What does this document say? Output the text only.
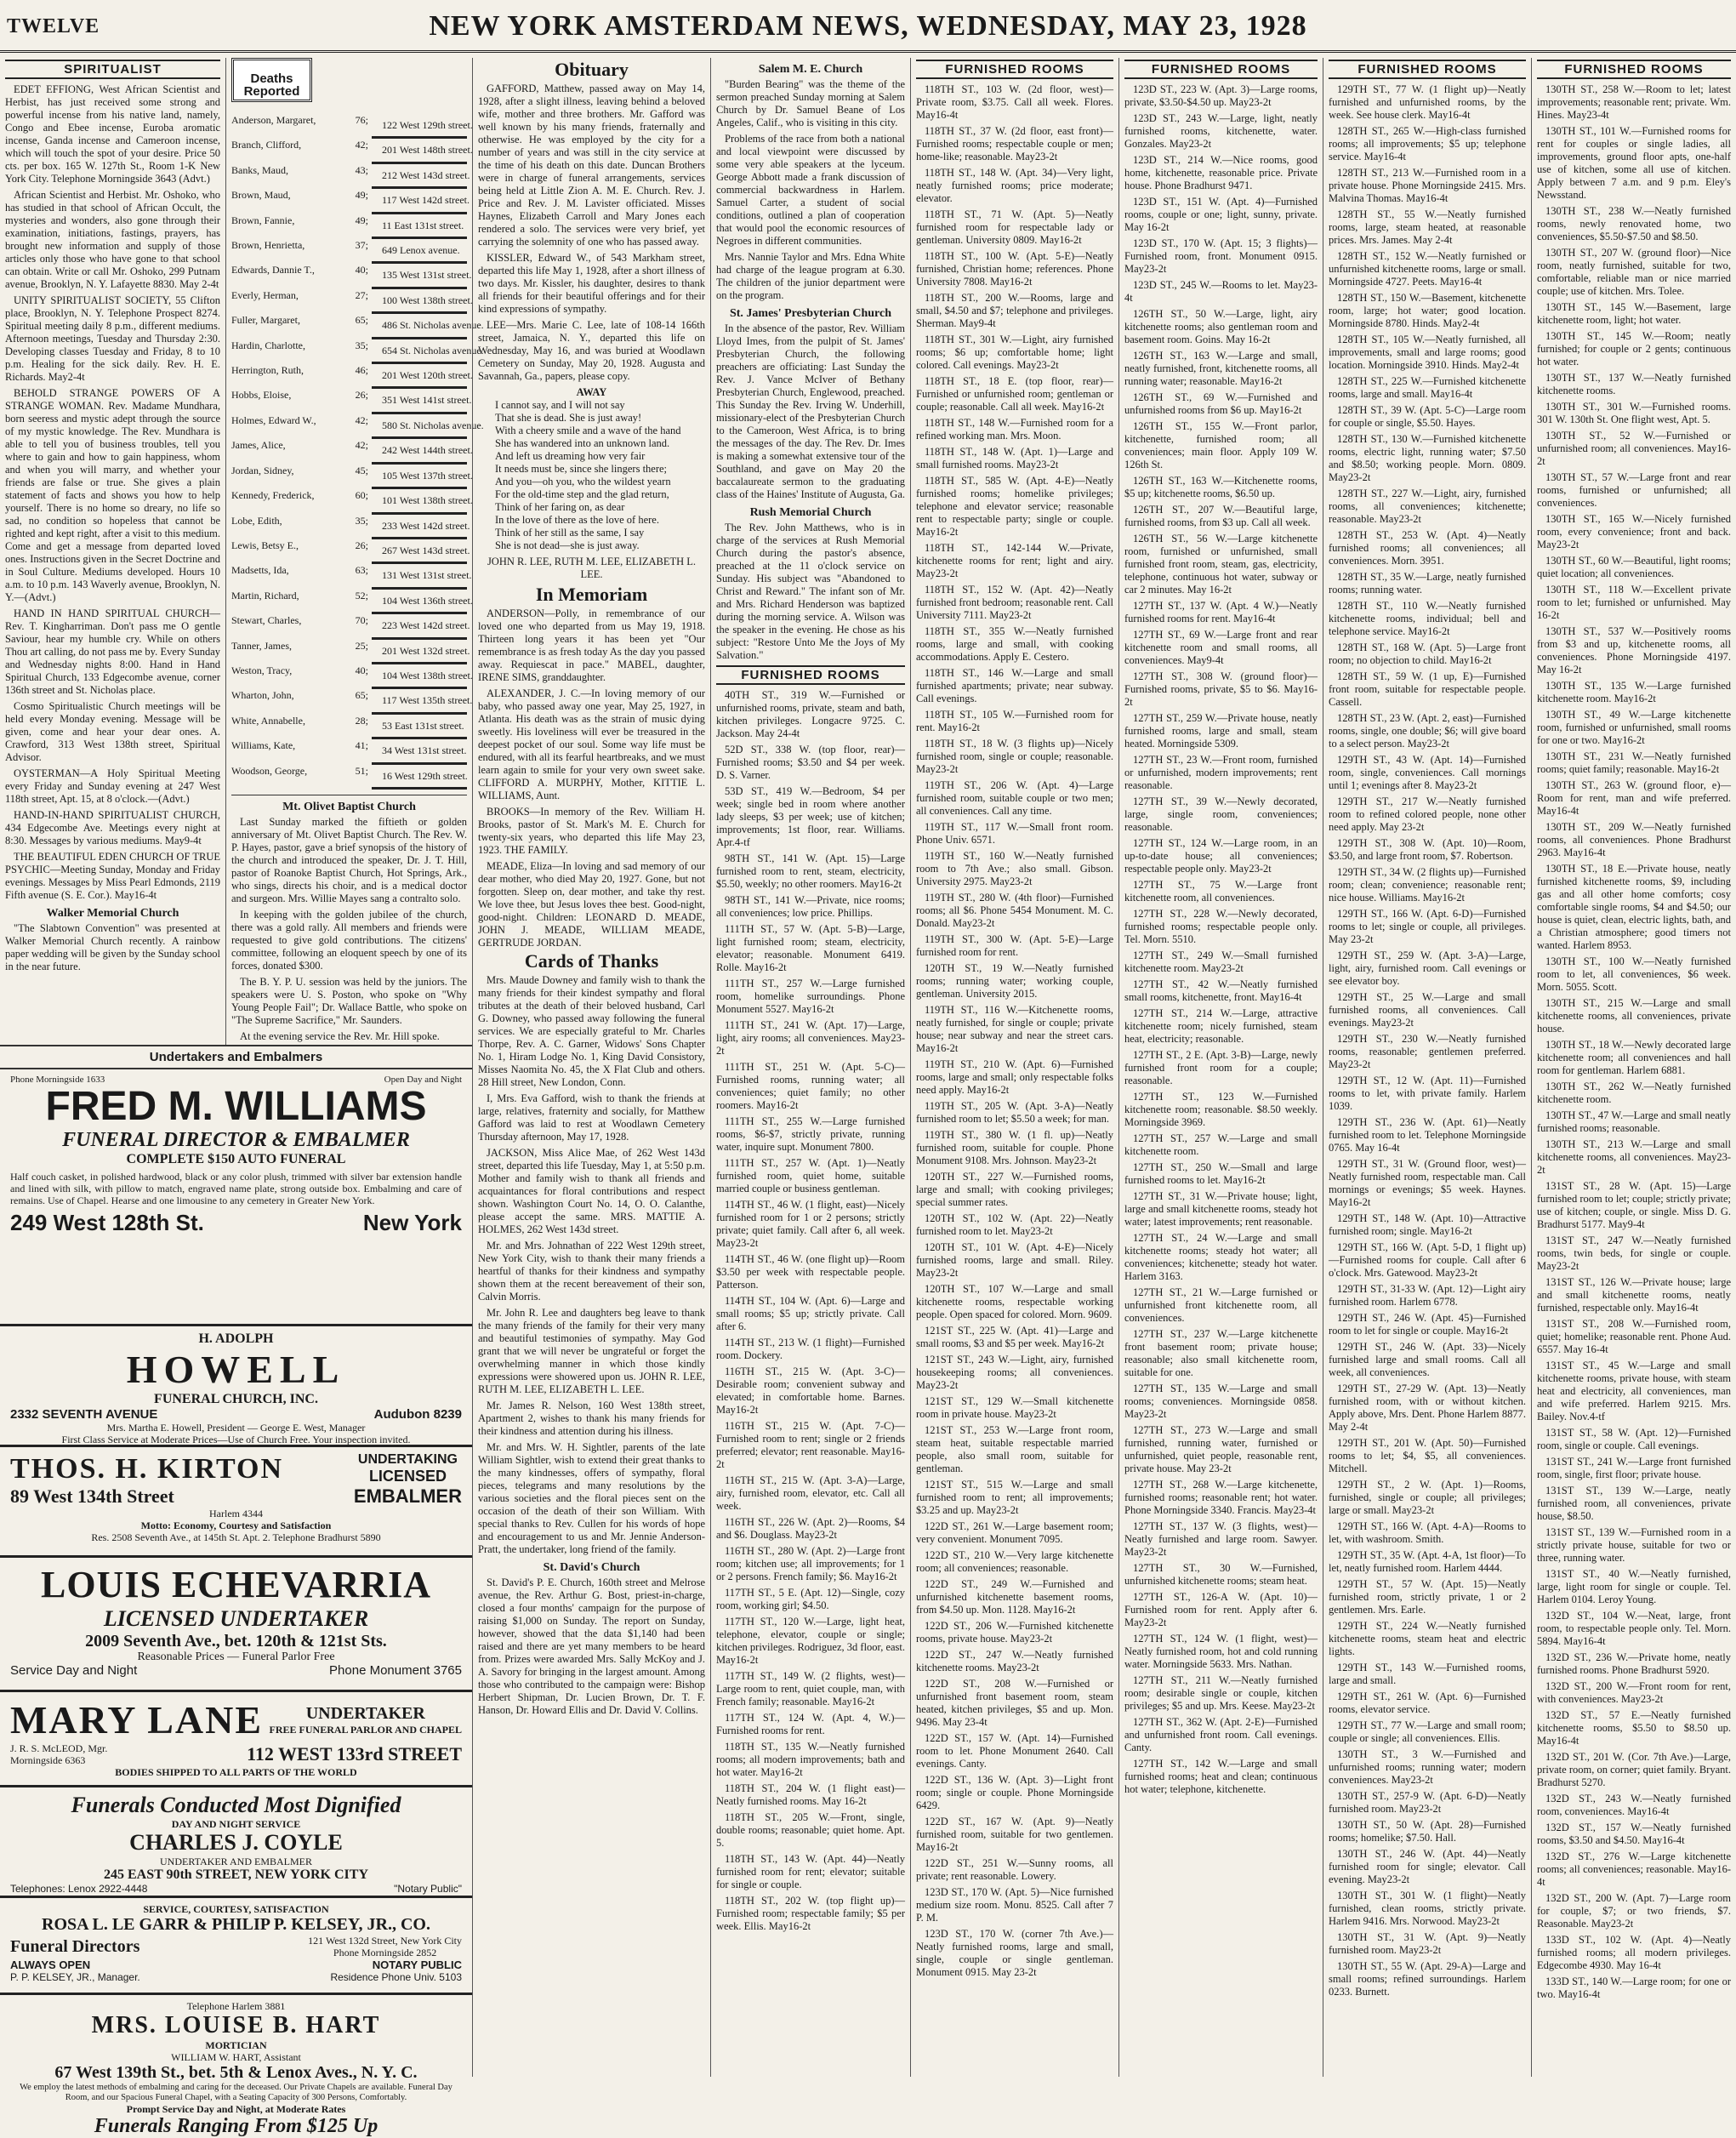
TWELVE	NEW YORK AMSTERDAM NEWS, WEDNESDAY, MAY 23, 1928
SPIRITUALIST

EDET EFFIONG, West African Scientist and Herbist, has just received some strong and powerful incense from his native land, namely, Congo and Ebee incense, Euroba aromatic incense, Ganda incense and Cameroon incense, which will touch the spot of your desire. Price 50 cts. per box. 165 W. 127th St., Room 1-K New York City. Telephone Morningside 3643 (Advt.)

African Scientist and Herbist. Mr. Oshoko, who has studied in that school of African Occult, the mysteries and wonders, also gone through their examination, initiations, fastings, prayers, has brought new information and supply of those articles only those who have gone to that school can obtain. Write or call Mr. Oshoko, 299 Putnam avenue, Brooklyn, N. Y. Lafayette 8830. May 2-4t

UNITY SPIRITUALIST SOCIETY, 55 Clifton place, Brooklyn, N. Y. Telephone Prospect 8274. Spiritual meeting daily 8 p.m., different mediums. Afternoon meetings, Tuesday and Thursday 2:30. Developing classes Tuesday and Friday, 8 to 10 p.m. Healing for the sick daily. Rev. H. E. Richards. May2-4t

BEHOLD STRANGE POWERS OF A STRANGE WOMAN. Rev. Madame Mundhara, born seeress and mystic adept through the source of my mystic knowledge. The Rev. Mundhara is able to tell you of business troubles, tell you where to gain and how to gain happiness, whom and when you will marry, and whether your friends are false or true. She gives a plain statement of facts and shows you how to help yourself. There is no home so dreary, no life so sad, no condition so hopeless that cannot be righted and kept right, after a visit to this medium. Come and get a message from departed loved ones. Instructions given in the Secret Doctrine and in Soul Culture. Mediums developed. Hours 10 a.m. to 10 p.m. 143 Waverly avenue, Brooklyn, N. Y.—(Advt.)

HAND IN HAND SPIRITUAL CHURCH—Rev. T. Kingharriman. Don't pass me O gentle Saviour, hear my humble cry. While on others Thou art calling, do not pass me by. Every Sunday and Wednesday nights 8:00. Hand in Hand Spiritual Church, 133 Edgecombe avenue, corner 136th street and St. Nicholas place.

Cosmo Spiritualistic Church meetings will be held every Monday evening. Message will be given, come and hear your dear ones. A. Crawford, 313 West 138th street, Spiritual Advisor.

OYSTERMAN—A Holy Spiritual Meeting every Friday and Sunday evening at 247 West 118th street, Apt. 15, at 8 o'clock.—(Advt.)

HAND-IN-HAND SPIRITUALIST CHURCH, 434 Edgecombe Ave. Meetings every night at 8:30. Messages by various mediums. May9-4t

THE BEAUTIFUL EDEN CHURCH OF TRUE PSYCHIC—Meeting Sunday, Monday and Friday evenings. Messages by Miss Pearl Edmonds, 2119 Fifth avenue (S. E. Cor.). May16-4t

Walker Memorial Church

"The Slabtown Convention" was presented at Walker Memorial Church recently. A rainbow paper wedding will be given by the Sunday school in the near future.

Deaths Reported
Anderson, Margaret,	76;	122 West 129th street.
Branch, Clifford,	42;	201 West 148th street.
Banks, Maud,	43;	212 West 143d street.
Brown, Maud,	49;	117 West 142d street.
Brown, Fannie,	49;	11 East 131st street.
Brown, Henrietta,	37;	649 Lenox avenue.
Edwards, Dannie T.,	40;	135 West 131st street.
Everly, Herman,	27;	100 West 138th street.
Fuller, Margaret,	65;	486 St. Nicholas avenue.
Hardin, Charlotte,	35;	654 St. Nicholas avenue.
Herrington, Ruth,	46;	201 West 120th street.
Hobbs, Eloise,	26;	351 West 141st street.
Holmes, Edward W.,	42;	580 St. Nicholas avenue.
James, Alice,	42;	242 West 144th street.
Jordan, Sidney,	45;	105 West 137th street.
Kennedy, Frederick,	60;	101 West 138th street.
Lobe, Edith,	35;	233 West 142d street.
Lewis, Betsy E.,	26;	267 West 143d street.
Madsetts, Ida,	63;	131 West 131st street.
Martin, Richard,	52;	104 West 136th street.
Stewart, Charles,	70;	223 West 142d street.
Tanner, James,	25;	201 West 132d street.
Weston, Tracy,	40;	104 West 138th street.
Wharton, John,	65;	117 West 135th street.
White, Annabelle,	28;	53 East 131st street.
Williams, Kate,	41;	34 West 131st street.
Woodson, George,	51;	16 West 129th street.
Mt. Olivet Baptist Church

Last Sunday marked the fiftieth or golden anniversary of Mt. Olivet Baptist Church. The Rev. W. P. Hayes, pastor, gave a brief synopsis of the history of the church and introduced the speaker, Dr. J. T. Hill, pastor of Roanoke Baptist Church, Hot Springs, Ark., who sings, directs his choir, and is a medical doctor and surgeon. Mrs. Willie Mayes sang a contralto solo.

In keeping with the golden jubilee of the church, there was a gold rally. All members and friends were requested to give gold contributions. The citizens' committee, following an eloquent speech by one of its forces, donated $300.

The B. Y. P. U. session was held by the juniors. The speakers were U. S. Poston, who spoke on "Why Young People Fail"; Dr. Wallace Battle, who spoke on "The Supreme Sacrifice," Mr. Saunders.

At the evening service the Rev. Mr. Hill spoke.

Obituary

GAFFORD, Matthew, passed away on May 14, 1928, after a slight illness, leaving behind a beloved wife, mother and three brothers. Mr. Gafford was well known by his many friends, fraternally and otherwise. He was employed by the city for a number of years and was still in the city service at the time of his death on this date. Duncan Brothers were in charge of funeral arrangements, services being held at Little Zion A. M. E. Church. Rev. J. Price and Rev. J. M. Lavister officiated. Misses Haynes, Elizabeth Carroll and Mary Jones each rendered a solo. The services were very brief, yet carrying the solemnity of one who has passed away.

KISSLER, Edward W., of 543 Markham street, departed this life May 1, 1928, after a short illness of two days. Mr. Kissler, his daughter, desires to thank all friends for their beautiful offerings and for their kind expressions of sympathy.

LEE—Mrs. Marie C. Lee, late of 108-14 166th street, Jamaica, N. Y., departed this life on Wednesday, May 16, and was buried at Woodlawn Cemetery on Sunday, May 20, 1928. Augusta and Savannah, Ga., papers, please copy.

AWAY
I cannot say, and I will not say
That she is dead. She is just away!
With a cheery smile and a wave of the hand
She has wandered into an unknown land.
And left us dreaming how very fair
It needs must be, since she lingers there;
And you—oh you, who the wildest yearn
For the old-time step and the glad return,
Think of her faring on, as dear
In the love of there as the love of here.
Think of her still as the same, I say
She is not dead—she is just away.
JOHN R. LEE, RUTH M. LEE, ELIZABETH L. LEE.
In Memoriam

ANDERSON—Polly, in remembrance of our loved one who departed from us May 19, 1918. Thirteen long years it has been yet "Our remembrance is as fresh today As the day you passed away. Requiescat in pace." MABEL, daughter, IRENE SIMS, granddaughter.

ALEXANDER, J. C.—In loving memory of our baby, who passed away one year, May 25, 1927, in Atlanta. His death was as the strain of music dying sweetly. His loveliness will ever be treasured in the deepest pocket of our soul. Some way life must be endured, with all its fearful heartbreaks, and we must learn again to smile for your very own sweet sake. CLIFFORD A. MURPHY, Mother, KITTIE L. WILLIAMS, Aunt.

BROOKS—In memory of the Rev. William H. Brooks, pastor of St. Mark's M. E. Church for twenty-six years, who departed this life May 23, 1923. THE FAMILY.

MEADE, Eliza—In loving and sad memory of our dear mother, who died May 20, 1927. Gone, but not forgotten. Sleep on, dear mother, and take thy rest. We love thee, but Jesus loves thee best. Good-night, good-night. Children: LEONARD D. MEADE, JOHN J. MEADE, WILLIAM MEADE, GERTRUDE JORDAN.

Cards of Thanks

Mrs. Maude Downey and family wish to thank the many friends for their kindest sympathy and floral tributes at the death of their beloved husband, Carl G. Downey, who passed away following the funeral services. We are especially grateful to Mr. Charles Thorpe, Rev. A. C. Garner, Widows' Sons Chapter No. 1, Hiram Lodge No. 1, King David Consistory, Misses Naomita No. 45, the X Flat Club and others. 28 Hill street, New London, Conn.

I, Mrs. Eva Gafford, wish to thank the friends at large, relatives, fraternity and socially, for Matthew Gafford was laid to rest at Woodlawn Cemetery Thursday afternoon, May 17, 1928.

JACKSON, Miss Alice Mae, of 262 West 143d street, departed this life Tuesday, May 1, at 5:50 p.m. Mother and family wish to thank all friends and acquaintances for floral contributions and respect shown. Washington Court No. 14, O. O. Calanthe, please accept the same. MRS. MATTIE A. HOLMES, 262 West 143d street.

Mr. and Mrs. Johnathan of 222 West 129th street, New York City, wish to thank their many friends a heartful of thanks for their kindness and sympathy shown them at the recent bereavement of their son, Calvin Morris.

Mr. John R. Lee and daughters beg leave to thank the many friends of the family for their very many and beautiful testimonies of sympathy. May God grant that we will never be ungrateful or forget the overwhelming manner in which those kindly expressions were showered upon us. JOHN R. LEE, RUTH M. LEE, ELIZABETH L. LEE.

Mr. James R. Nelson, 160 West 138th street, Apartment 2, wishes to thank his many friends for their kindness and attention during his illness.

Mr. and Mrs. W. H. Sightler, parents of the late William Sightler, wish to extend their great thanks to the many kindnesses, offers of sympathy, floral pieces, telegrams and many resolutions by the various societies and the floral pieces sent on the occasion of the death of their son William. With special thanks to Rev. Cullen for his words of hope and encouragement to us and Mr. Jennie Anderson-Pratt, the undertaker, long friend of the family.

St. David's Church

St. David's P. E. Church, 160th street and Melrose avenue, the Rev. Arthur G. Bost, priest-in-charge, closed a four months' campaign for the purpose of raising $1,000 on Sunday. The report on Sunday, however, showed that the data $1,140 had been raised and there are yet many members to be heard from. Prizes were awarded Mrs. Sally McKoy and J. A. Savory for bringing in the largest amount. Among those who contributed to the campaign were: Bishop Herbert Shipman, Dr. Lucien Brown, Dr. T. F. Hanson, Dr. Howard Ellis and Dr. David V. Collins.

Salem M. E. Church

"Burden Bearing" was the theme of the sermon preached Sunday morning at Salem Church by Dr. Samuel Beane of Los Angeles, Calif., who is visiting in this city.

Problems of the race from both a national and local viewpoint were discussed by some very able speakers at the lyceum. George Abbott made a frank discussion of commercial backwardness in Harlem. Samuel Carter, a student of social conditions, outlined a plan of cooperation that would pool the economic resources of Negroes in different communities.

Mrs. Nannie Taylor and Mrs. Edna White had charge of the league program at 6.30. The children of the junior department were on the program.

St. James' Presbyterian Church

In the absence of the pastor, Rev. William Lloyd Imes, from the pulpit of St. James' Presbyterian Church, the following preachers are officiating: Last Sunday the Rev. J. Vance McIver of Bethany Presbyterian Church, Englewood, preached. This Sunday the Rev. Irving W. Underhill, missionary-elect of the Presbyterian Church to the Cameroon, West Africa, is to bring the messages of the day. The Rev. Dr. Imes is making a somewhat extensive tour of the Southland, and gave on May 20 the baccalaureate sermon to the graduating class of the Haines' Institute of Augusta, Ga.

Rush Memorial Church

The Rev. John Matthews, who is in charge of the services at Rush Memorial Church during the pastor's absence, preached at the 11 o'clock service on Sunday. His subject was "Abandoned to Christ and Reward." The infant son of Mr. and Mrs. Richard Henderson was baptized during the morning service. A. Wilson was the speaker in the evening. He chose as his subject: "Restore Unto Me the Joys of My Salvation."

FURNISHED ROOMS

40TH ST., 319 W.—Furnished or unfurnished rooms, private, steam and bath, kitchen privileges. Longacre 9725. C. Jackson. May 24-4t

52D ST., 338 W. (top floor, rear)—Furnished rooms; $3.50 and $4 per week. D. S. Varner.

53D ST., 419 W.—Bedroom, $4 per week; single bed in room where another lady sleeps, $3 per week; use of kitchen; improvements; 1st floor, rear. Williams. Apr.4-tf

98TH ST., 141 W. (Apt. 15)—Large furnished room to rent, steam, electricity, $5.50, weekly; no other roomers. May16-2t

98TH ST., 141 W.—Private, nice rooms; all conveniences; low price. Phillips.

111TH ST., 57 W. (Apt. 5-B)—Large, light furnished room; steam, electricity, elevator; reasonable. Monument 6419. Rolle. May16-2t

111TH ST., 257 W.—Large furnished room, homelike surroundings. Phone Monument 5527. May16-2t

111TH ST., 241 W. (Apt. 17)—Large, light, airy rooms; all conveniences. May23-2t

111TH ST., 251 W. (Apt. 5-C)—Furnished rooms, running water; all conveniences; quiet family; no other roomers. May16-2t

111TH ST., 255 W.—Large furnished rooms, $6-$7, strictly private, running water, inquire supt. Monument 7800.

111TH ST., 257 W. (Apt. 1)—Neatly furnished room, quiet home, suitable married couple or business gentleman.

114TH ST., 46 W. (1 flight, east)—Nicely furnished room for 1 or 2 persons; strictly private; quiet family. Call after 6, all week. May23-2t

114TH ST., 46 W. (one flight up)—Room $3.50 per week with respectable people. Patterson.

114TH ST., 104 W. (Apt. 6)—Large and small rooms; $5 up; strictly private. Call after 6.

114TH ST., 213 W. (1 flight)—Furnished room. Dockery.

116TH ST., 215 W. (Apt. 3-C)—Desirable room; convenient subway and elevated; in comfortable home. Barnes. May16-2t

116TH ST., 215 W. (Apt. 7-C)—Furnished room to rent; single or 2 friends preferred; elevator; rent reasonable. May16-2t

116TH ST., 215 W. (Apt. 3-A)—Large, airy, furnished room, elevator, etc. Call all week.

116TH ST., 226 W. (Apt. 2)—Rooms, $4 and $6. Douglass. May23-2t

116TH ST., 280 W. (Apt. 2)—Large front room; kitchen use; all improvements; for 1 or 2 persons. French family; $6. May16-2t

117TH ST., 5 E. (Apt. 12)—Single, cozy room, working girl; $4.50.

117TH ST., 120 W.—Large, light heat, telephone, elevator, couple or single; kitchen privileges. Rodriguez, 3d floor, east. May16-2t

117TH ST., 149 W. (2 flights, west)—Large room to rent, quiet couple, man, with French family; reasonable. May16-2t

117TH ST., 124 W. (Apt. 4, W.)—Furnished rooms for rent.

118TH ST., 135 W.—Neatly furnished rooms; all modern improvements; bath and hot water. May16-2t

118TH ST., 204 W. (1 flight east)—Neatly furnished rooms. May 16-2t

118TH ST., 205 W.—Front, single, double rooms; reasonable; quiet home. Apt. 5.

118TH ST., 143 W. (Apt. 44)—Neatly furnished room for rent; elevator; suitable for single or couple.

118TH ST., 202 W. (top flight up)—Furnished room; respectable family; $5 per week. Ellis. May16-2t

FURNISHED ROOMS

118TH ST., 103 W. (2d floor, west)—Private room, $3.75. Call all week. Flores. May16-4t

118TH ST., 37 W. (2d floor, east front)—Furnished rooms; respectable couple or men; home-like; reasonable. May23-2t

118TH ST., 148 W. (Apt. 34)—Very light, neatly furnished rooms; price moderate; elevator.

118TH ST., 71 W. (Apt. 5)—Neatly furnished room for respectable lady or gentleman. University 0809. May16-2t

118TH ST., 100 W. (Apt. 5-E)—Neatly furnished, Christian home; references. Phone University 7808. May16-2t

118TH ST., 200 W.—Rooms, large and small, $4.50 and $7; telephone and privileges. Sherman. May9-4t

118TH ST., 301 W.—Light, airy furnished rooms; $6 up; comfortable home; light colored. Call evenings. May23-2t

118TH ST., 18 E. (top floor, rear)—Furnished or unfurnished room; gentleman or couple; reasonable. Call all week. May16-2t

118TH ST., 148 W.—Furnished room for a refined working man. Mrs. Moon.

118TH ST., 148 W. (Apt. 1)—Large and small furnished rooms. May23-2t

118TH ST., 585 W. (Apt. 4-E)—Neatly furnished rooms; homelike privileges; telephone and elevator service; reasonable rent to respectable party; single or couple. May16-2t

118TH ST., 142-144 W.—Private, kitchenette rooms for rent; light and airy. May23-2t

118TH ST., 152 W. (Apt. 42)—Neatly furnished front bedroom; reasonable rent. Call University 7111. May23-2t

118TH ST., 355 W.—Neatly furnished rooms, large and small, with cooking accommodations. Apply E. Cestero.

118TH ST., 146 W.—Large and small furnished apartments; private; near subway. Call evenings.

118TH ST., 105 W.—Furnished room for rent. May16-2t

118TH ST., 18 W. (3 flights up)—Nicely furnished room, single or couple; reasonable. May23-2t

119TH ST., 206 W. (Apt. 4)—Large furnished room, suitable couple or two men; all conveniences. Call any time.

119TH ST., 117 W.—Small front room. Phone Univ. 6571.

119TH ST., 160 W.—Neatly furnished room to 7th Ave.; also small. Gibson. University 2975. May23-2t

119TH ST., 280 W. (4th floor)—Furnished rooms; all $6. Phone 5454 Monument. M. C. Donald. May23-2t

119TH ST., 300 W. (Apt. 5-E)—Large furnished room for rent.

120TH ST., 19 W.—Neatly furnished rooms; running water; working couple, gentleman. University 2015.

119TH ST., 116 W.—Kitchenette rooms, neatly furnished, for single or couple; private house; near subway and near the street cars. May16-2t

119TH ST., 210 W. (Apt. 6)—Furnished rooms, large and small; only respectable folks need apply. May16-2t

119TH ST., 205 W. (Apt. 3-A)—Neatly furnished room to let; $5.50 a week; for man.

119TH ST., 380 W. (1 fl. up)—Neatly furnished room, suitable for couple. Phone Monument 9108. Mrs. Johnson. May23-2t

120TH ST., 227 W.—Furnished rooms, large and small; with cooking privileges; special summer rates.

120TH ST., 102 W. (Apt. 22)—Neatly furnished room to let. May23-2t

120TH ST., 101 W. (Apt. 4-E)—Nicely furnished rooms, large and small. Riley. May23-2t

120TH ST., 107 W.—Large and small kitchenette rooms, respectable working people. Open spaced for colored. Morn. 9609.

121ST ST., 225 W. (Apt. 41)—Large and small rooms, $3 and $5 per week. May16-2t

121ST ST., 243 W.—Light, airy, furnished housekeeping rooms; all conveniences. May23-2t

121ST ST., 129 W.—Small kitchenette room in private house. May23-2t

121ST ST., 253 W.—Large front room, steam heat, suitable respectable married people, also small room, suitable for gentleman.

121ST ST., 515 W.—Large and small furnished room to rent; all improvements; $3.25 and up. May23-2t

122D ST., 261 W.—Large basement room; very convenient. Monument 7095.

122D ST., 210 W.—Very large kitchenette room; all conveniences; reasonable.

122D ST., 249 W.—Furnished and unfurnished kitchenette basement rooms, from $4.50 up. Mon. 1128. May16-2t

122D ST., 206 W.—Furnished kitchenette rooms, private house. May23-2t

122D ST., 247 W.—Neatly furnished kitchenette rooms. May23-2t

122D ST., 208 W.—Furnished or unfurnished front basement room, steam heated, kitchen privileges, $5 and up. Mon. 9496. May 23-4t

122D ST., 157 W. (Apt. 14)—Furnished room to let. Phone Monument 2640. Call evenings. Canty.

122D ST., 136 W. (Apt. 3)—Light front room; single or couple. Phone Morningside 6429.

122D ST., 167 W. (Apt. 9)—Neatly furnished room, suitable for two gentlemen. May16-2t

122D ST., 251 W.—Sunny rooms, all private; rent reasonable. Lowery.

123D ST., 170 W. (Apt. 5)—Nice furnished medium size room. Monu. 8525. Call after 7 P. M.

123D ST., 170 W. (corner 7th Ave.)—Neatly furnished rooms, large and small, single, couple or single gentleman. Monument 0915. May 23-2t

FURNISHED ROOMS

123D ST., 223 W. (Apt. 3)—Large rooms, private, $3.50-$4.50 up. May23-2t

123D ST., 243 W.—Large, light, neatly furnished rooms, kitchenette, water. Gonzales. May23-2t

123D ST., 214 W.—Nice rooms, good home, kitchenette, reasonable price. Private house. Phone Bradhurst 9471.

123D ST., 151 W. (Apt. 4)—Furnished rooms, couple or one; light, sunny, private. May 16-2t

123D ST., 170 W. (Apt. 15; 3 flights)—Furnished room, front. Monument 0915. May23-2t

123D ST., 245 W.—Rooms to let. May23-4t

126TH ST., 50 W.—Large, light, airy kitchenette rooms; also gentleman room and basement room. Goins. May 16-2t

126TH ST., 163 W.—Large and small, neatly furnished, front, kitchenette rooms, all running water; reasonable. May16-2t

126TH ST., 69 W.—Furnished and unfurnished rooms from $6 up. May16-2t

126TH ST., 155 W.—Front parlor, kitchenette, furnished room; all conveniences; main floor. Apply 109 W. 126th St.

126TH ST., 163 W.—Kitchenette rooms, $5 up; kitchenette rooms, $6.50 up.

126TH ST., 207 W.—Beautiful large, furnished rooms, from $3 up. Call all week.

126TH ST., 56 W.—Large kitchenette room, furnished or unfurnished, small furnished front room, steam, gas, electricity, telephone, continuous hot water, subway or car 2 minutes. May 16-2t

127TH ST., 137 W. (Apt. 4 W.)—Neatly furnished rooms for rent. May16-4t

127TH ST., 69 W.—Large front and rear kitchenette room and small rooms, all conveniences. May9-4t

127TH ST., 308 W. (ground floor)—Furnished rooms, private, $5 to $6. May16-2t

127TH ST., 259 W.—Private house, neatly furnished rooms, large and small, steam heated. Morningside 5309.

127TH ST., 23 W.—Front room, furnished or unfurnished, modern improvements; rent reasonable.

127TH ST., 39 W.—Newly decorated, large, single room, conveniences; reasonable.

127TH ST., 124 W.—Large room, in an up-to-date house; all conveniences; respectable people only. May23-2t

127TH ST., 75 W.—Large front kitchenette room, all conveniences.

127TH ST., 228 W.—Newly decorated, furnished rooms; respectable people only. Tel. Morn. 5510.

127TH ST., 249 W.—Small furnished kitchenette room. May23-2t

127TH ST., 42 W.—Neatly furnished small rooms, kitchenette, front. May16-4t

127TH ST., 214 W.—Large, attractive kitchenette room; nicely furnished, steam heat, electricity; reasonable.

127TH ST., 2 E. (Apt. 3-B)—Large, newly furnished front room for a couple; reasonable.

127TH ST., 123 W.—Furnished kitchenette room; reasonable. $8.50 weekly. Morningside 3969.

127TH ST., 257 W.—Large and small kitchenette room.

127TH ST., 250 W.—Small and large furnished rooms to let. May16-2t

127TH ST., 31 W.—Private house; light, large and small kitchenette rooms, steady hot water; latest improvements; rent reasonable.

127TH ST., 24 W.—Large and small kitchenette rooms; steady hot water; all conveniences; kitchenette; steady hot water. Harlem 3163.

127TH ST., 21 W.—Large furnished or unfurnished front kitchenette room, all conveniences.

127TH ST., 237 W.—Large kitchenette front basement room; private house; reasonable; also small kitchenette room, suitable for one.

127TH ST., 135 W.—Large and small rooms; conveniences. Morningside 0858. May23-2t

127TH ST., 273 W.—Large and small furnished, running water, furnished or unfurnished, quiet people, reasonable rent, private house. May 23-2t

127TH ST., 268 W.—Large kitchenette, furnished rooms; reasonable rent; hot water. Phone Morningside 3340. Francis. May23-4t

127TH ST., 137 W. (3 flights, west)—Neatly furnished and large room. Sawyer. May23-2t

127TH ST., 30 W.—Furnished, unfurnished kitchenette rooms; steam heat.

127TH ST., 126-A W. (Apt. 10)—Furnished room for rent. Apply after 6. May23-2t

127TH ST., 124 W. (1 flight, west)—Neatly furnished room, hot and cold running water. Morningside 5633. Mrs. Nathan.

127TH ST., 211 W.—Neatly furnished room; desirable single or couple, kitchen privileges; $5 and up. Mrs. Keese. May23-2t

127TH ST., 362 W. (Apt. 2-E)—Furnished and unfurnished front room. Call evenings. Canty.

127TH ST., 142 W.—Large and small furnished rooms; heat and clean; continuous hot water; telephone, kitchenette.

FURNISHED ROOMS

129TH ST., 77 W. (1 flight up)—Neatly furnished and unfurnished rooms, by the week. See house clerk. May16-4t

128TH ST., 265 W.—High-class furnished rooms; all improvements; $5 up; telephone service. May16-4t

128TH ST., 213 W.—Furnished room in a private house. Phone Morningside 2415. Mrs. Malvina Thomas. May16-4t

128TH ST., 55 W.—Neatly furnished rooms, large, steam heated, at reasonable prices. Mrs. James. May 2-4t

128TH ST., 152 W.—Neatly furnished or unfurnished kitchenette rooms, large or small. Morningside 4727. Peets. May16-4t

128TH ST., 150 W.—Basement, kitchenette room, large; hot water; good location. Morningside 8780. Hinds. May2-4t

128TH ST., 105 W.—Neatly furnished, all improvements, small and large rooms; good location. Morningside 3910. Hinds. May2-4t

128TH ST., 225 W.—Furnished kitchenette rooms, large and small. May16-4t

128TH ST., 39 W. (Apt. 5-C)—Large room for couple or single, $5.50. Hayes.

128TH ST., 130 W.—Furnished kitchenette rooms, electric light, running water; $7.50 and $8.50; working people. Morn. 0809. May23-2t

128TH ST., 227 W.—Light, airy, furnished rooms, all conveniences; kitchenette; reasonable. May23-2t

128TH ST., 253 W. (Apt. 4)—Neatly furnished rooms; all conveniences; all conveniences. Morn. 3951.

128TH ST., 35 W.—Large, neatly furnished rooms; running water.

128TH ST., 110 W.—Neatly furnished kitchenette rooms, individual; bell and telephone service. May16-2t

128TH ST., 168 W. (Apt. 5)—Large front room; no objection to child. May16-2t

128TH ST., 59 W. (1 up, E)—Furnished front room, suitable for respectable people. Cassell.

128TH ST., 23 W. (Apt. 2, east)—Furnished rooms, single, one double; $6; will give board to a select person. May23-2t

129TH ST., 43 W. (Apt. 14)—Furnished room, single, conveniences. Call mornings until 1; evenings after 8. May23-2t

129TH ST., 217 W.—Neatly furnished room to refined colored people, none other need apply. May 23-2t

129TH ST., 308 W. (Apt. 10)—Room, $3.50, and large front room, $7. Robertson.

129TH ST., 34 W. (2 flights up)—Furnished room; clean; convenience; reasonable rent; nice house. Williams. May16-2t

129TH ST., 166 W. (Apt. 6-D)—Furnished rooms to let; single or couple, all privileges. May 23-2t

129TH ST., 259 W. (Apt. 3-A)—Large, light, airy, furnished room. Call evenings or see elevator boy.

129TH ST., 25 W.—Large and small furnished rooms, all conveniences. Call evenings. May23-2t

129TH ST., 230 W.—Neatly furnished rooms, reasonable; gentlemen preferred. May23-2t

129TH ST., 12 W. (Apt. 11)—Furnished rooms to let, with private family. Harlem 1039.

129TH ST., 236 W. (Apt. 61)—Neatly furnished room to let. Telephone Morningside 0765. May 16-4t

129TH ST., 31 W. (Ground floor, west)—Neatly furnished room, respectable man. Call mornings or evenings; $5 week. Haynes. May16-2t

129TH ST., 148 W. (Apt. 10)—Attractive furnished room; single. May16-2t

129TH ST., 166 W. (Apt. 5-D, 1 flight up)—Furnished rooms for couple. Call after 6 o'clock. Mrs. Gatewood. May23-2t

129TH ST., 31-33 W. (Apt. 12)—Light airy furnished room. Harlem 6778.

129TH ST., 246 W. (Apt. 45)—Furnished room to let for single or couple. May16-2t

129TH ST., 246 W. (Apt. 33)—Nicely furnished large and small rooms. Call all week, all conveniences.

129TH ST., 27-29 W. (Apt. 13)—Neatly furnished room, with or without kitchen. Apply above, Mrs. Dent. Phone Harlem 8877. May 2-4t

129TH ST., 201 W. (Apt. 50)—Furnished rooms to let; $4, $5, all conveniences. Mitchell.

129TH ST., 2 W. (Apt. 1)—Rooms, furnished, single or couple; all privileges; large or small. May23-2t

129TH ST., 166 W. (Apt. 4-A)—Rooms to let, with washroom. Smith.

129TH ST., 35 W. (Apt. 4-A, 1st floor)—To let, neatly furnished room. Harlem 4444.

129TH ST., 57 W. (Apt. 15)—Neatly furnished room, strictly private, 1 or 2 gentlemen. Mrs. Earle.

129TH ST., 224 W.—Neatly furnished kitchenette rooms, steam heat and electric lights.

129TH ST., 143 W.—Furnished rooms, large and small.

129TH ST., 261 W. (Apt. 6)—Furnished rooms, elevator service.

129TH ST., 77 W.—Large and small room; couple or single; all conveniences. Ellis.

130TH ST., 3 W.—Furnished and unfurnished rooms; running water; modern conveniences. May23-2t

130TH ST., 257-9 W. (Apt. 6-D)—Neatly furnished room. May23-2t

130TH ST., 50 W. (Apt. 28)—Furnished rooms; homelike; $7.50. Hall.

130TH ST., 246 W. (Apt. 44)—Neatly furnished room for single; elevator. Call evening. May23-2t

130TH ST., 301 W. (1 flight)—Neatly furnished, clean rooms, strictly private. Harlem 9416. Mrs. Norwood. May23-2t

130TH ST., 31 W. (Apt. 9)—Neatly furnished room. May23-2t

130TH ST., 55 W. (Apt. 29-A)—Large and small rooms; refined surroundings. Harlem 0233. Burnett.

FURNISHED ROOMS

130TH ST., 258 W.—Room to let; latest improvements; reasonable rent; private. Wm. Hines. May23-4t

130TH ST., 101 W.—Furnished rooms for rent for couples or single ladies, all improvements, ground floor apts, one-half use of kitchen, some all use of kitchen. Apply between 7 a.m. and 9 p.m. Eley's Newsstand.

130TH ST., 238 W.—Neatly furnished rooms, newly renovated home, two conveniences, $5.50-$7.50 and $8.50.

130TH ST., 207 W. (ground floor)—Nice room, neatly furnished, suitable for two, comfortable, reliable man or nice married couple; use of kitchen. Mrs. Tolee.

130TH ST., 145 W.—Basement, large kitchenette room, light; hot water.

130TH ST., 145 W.—Room; neatly furnished; for couple or 2 gents; continuous hot water.

130TH ST., 137 W.—Neatly furnished kitchenette rooms.

130TH ST., 301 W.—Furnished rooms. 301 W. 130th St. One flight west, Apt. 5.

130TH ST., 52 W.—Furnished or unfurnished room; all conveniences. May16-2t

130TH ST., 57 W.—Large front and rear rooms, furnished or unfurnished; all conveniences.

130TH ST., 165 W.—Nicely furnished room, every convenience; front and back. May23-2t

130TH ST., 60 W.—Beautiful, light rooms; quiet location; all conveniences.

130TH ST., 118 W.—Excellent private room to let; furnished or unfurnished. May 16-2t

130TH ST., 537 W.—Positively rooms from $3 and up, kitchenette rooms, all conveniences. Phone Morningside 4197. May 16-2t

130TH ST., 135 W.—Large furnished kitchenette room. May16-2t

130TH ST., 49 W.—Large kitchenette room, furnished or unfurnished, small rooms for one or two. May16-2t

130TH ST., 231 W.—Neatly furnished rooms; quiet family; reasonable. May16-2t

130TH ST., 263 W. (ground floor, e)—Room for rent, man and wife preferred. May16-4t

130TH ST., 209 W.—Neatly furnished rooms, all conveniences. Phone Bradhurst 2963. May16-4t

130TH ST., 18 E.—Private house, neatly furnished kitchenette rooms, $9, including gas and all other home comforts; cosy comfortable single rooms, $4 and $4.50; our house is quiet, clean, electric lights, bath, and a Christian atmosphere; good timers not wanted. Harlem 8953.

130TH ST., 100 W.—Neatly furnished room to let, all conveniences, $6 week. Morn. 5055. Scott.

130TH ST., 215 W.—Large and small kitchenette rooms, all conveniences, private house.

130TH ST., 18 W.—Newly decorated large kitchenette room; all conveniences and hall room for gentleman. Harlem 6881.

130TH ST., 262 W.—Neatly furnished kitchenette room.

130TH ST., 47 W.—Large and small neatly furnished rooms; reasonable.

130TH ST., 213 W.—Large and small kitchenette rooms, all conveniences. May23-2t

131ST ST., 28 W. (Apt. 15)—Large furnished room to let; couple; strictly private; use of kitchen; couple, or single. Miss D. G. Bradhurst 5177. May9-4t

131ST ST., 247 W.—Neatly furnished rooms, twin beds, for single or couple. May23-2t

131ST ST., 126 W.—Private house; large and small kitchenette rooms, neatly furnished, respectable only. May16-4t

131ST ST., 208 W.—Furnished room, quiet; homelike; reasonable rent. Phone Aud. 6557. May 16-4t

131ST ST., 45 W.—Large and small kitchenette rooms, private house, with steam heat and electricity, all conveniences, man and wife preferred. Harlem 9215. Mrs. Bailey. Nov.4-tf

131ST ST., 58 W. (Apt. 12)—Furnished room, single or couple. Call evenings.

131ST ST., 241 W.—Large front furnished room, single, first floor; private house.

131ST ST., 139 W.—Large, neatly furnished room, all conveniences, private house, $8.50.

131ST ST., 139 W.—Furnished room in a strictly private house, suitable for two or three, running water.

131ST ST., 40 W.—Neatly furnished, large, light room for single or couple. Tel. Harlem 0104. Leroy Young.

132D ST., 104 W.—Neat, large, front room, to respectable people only. Tel. Morn. 5894. May16-4t

132D ST., 236 W.—Private home, neatly furnished rooms. Phone Bradhurst 5920.

132D ST., 200 W.—Front room for rent, with conveniences. May23-2t

132D ST., 57 E.—Neatly furnished kitchenette rooms, $5.50 to $8.50 up. May16-4t

132D ST., 201 W. (Cor. 7th Ave.)—Large, private room, on corner; quiet family. Bryant. Bradhurst 5270.

132D ST., 243 W.—Neatly furnished room, conveniences. May16-4t

132D ST., 157 W.—Neatly furnished rooms, $3.50 and $4.50. May16-4t

132D ST., 276 W.—Large kitchenette rooms; all conveniences; reasonable. May16-4t

132D ST., 200 W. (Apt. 7)—Large room for couple, $7; or two friends, $7. Reasonable. May23-2t

133D ST., 102 W. (Apt. 4)—Neatly furnished rooms; all modern privileges. Edgecombe 4930. May 16-4t

133D ST., 140 W.—Large room; for one or two. May16-4t

Undertakers and Embalmers
Phone Morningside 1633	Open Day and Night
FRED M. WILLIAMS
FUNERAL DIRECTOR & EMBALMER
COMPLETE $150 AUTO FUNERAL
Half couch casket, in polished hardwood, black or any color plush, trimmed with silver bar extension handle and lined with silk, with pillow to match, engraved name plate, strong outside box. Embalming and care of remains. Use of Chapel. Hearse and one limousine to any cemetery in Greater New York.
249 West 128th St.	New York
H. ADOLPH
HOWELL
FUNERAL CHURCH, INC.
2332 SEVENTH AVENUE	Audubon 8239
Mrs. Martha E. Howell, President — George E. West, Manager
First Class Service at Moderate Prices—Use of Church Free. Your inspection invited.
THOS. H. KIRTON
89 West 134th Street
UNDERTAKING
LICENSED
EMBALMER
Harlem 4344
Motto: Economy, Courtesy and Satisfaction
Res. 2508 Seventh Ave., at 145th St. Apt. 2. Telephone Bradhurst 5890
LOUIS ECHEVARRIA
LICENSED UNDERTAKER
2009 Seventh Ave., bet. 120th & 121st Sts.
Reasonable Prices — Funeral Parlor Free
Service Day and Night	Phone Monument 3765
MARY LANE	UNDERTAKER
FREE FUNERAL PARLOR AND CHAPEL
J. R. S. McLEOD, Mgr.
Morningside 6363	112 WEST 133rd STREET
BODIES SHIPPED TO ALL PARTS OF THE WORLD
Funerals Conducted Most Dignified
DAY AND NIGHT SERVICE
CHARLES J. COYLE
UNDERTAKER AND EMBALMER
245 EAST 90th STREET, NEW YORK CITY
Telephones: Lenox 2922-4448	"Notary Public"
SERVICE, COURTESY, SATISFACTION
ROSA L. LE GARR & PHILIP P. KELSEY, JR., CO.
Funeral Directors	121 West 132d Street, New York City
Phone Morningside 2852
ALWAYS OPEN	NOTARY PUBLIC
P. P. KELSEY, JR., Manager.	Residence Phone Univ. 5103
Telephone Harlem 3881
MRS. LOUISE B. HART
MORTICIAN
WILLIAM W. HART, Assistant
67 West 139th St., bet. 5th & Lenox Aves., N. Y. C.
We employ the latest methods of embalming and caring for the deceased. Our Private Chapels are available. Funeral Day Room, and our Spacious Funeral Chapel, with a Seating Capacity of 300 Persons, Comfortably.
Prompt Service Day and Night, at Moderate Rates
Funerals Ranging From $125 Up
